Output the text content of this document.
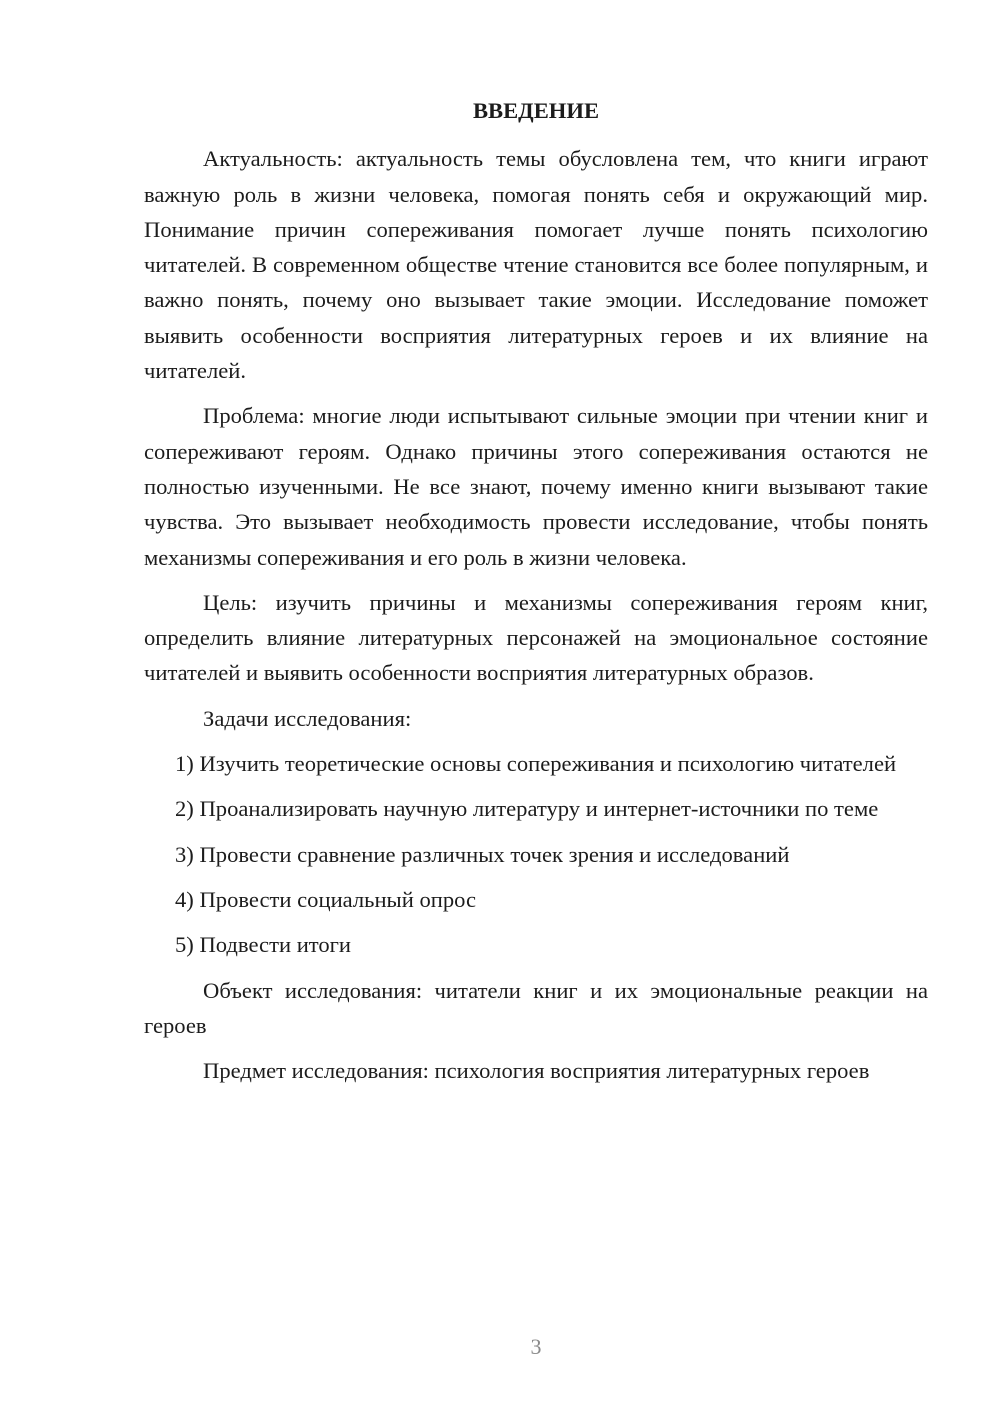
ВВЕДЕНИЕ

Актуальность: актуальность темы обусловлена тем, что книги играют важную роль в жизни человека, помогая понять себя и окружающий мир. Понимание причин сопереживания помогает лучше понять психологию читателей. В современном обществе чтение становится все более популярным, и важно понять, почему оно вызывает такие эмоции. Исследование поможет выявить особенности восприятия литературных героев и их влияние на читателей.

Проблема: многие люди испытывают сильные эмоции при чтении книг и сопереживают героям. Однако причины этого сопереживания остаются не полностью изученными. Не все знают, почему именно книги вызывают такие чувства. Это вызывает необходимость провести исследование, чтобы понять механизмы сопереживания и его роль в жизни человека.

Цель: изучить причины и механизмы сопереживания героям книг, определить влияние литературных персонажей на эмоциональное состояние читателей и выявить особенности восприятия литературных образов.

Задачи исследования:

1) Изучить теоретические основы сопереживания и психологию читателей

2) Проанализировать научную литературу и интернет-источники по теме

3) Провести сравнение различных точек зрения и исследований

4) Провести социальный опрос

5) Подвести итоги

Объект исследования: читатели книг и их эмоциональные реакции на героев

Предмет исследования: психология восприятия литературных героев

3
